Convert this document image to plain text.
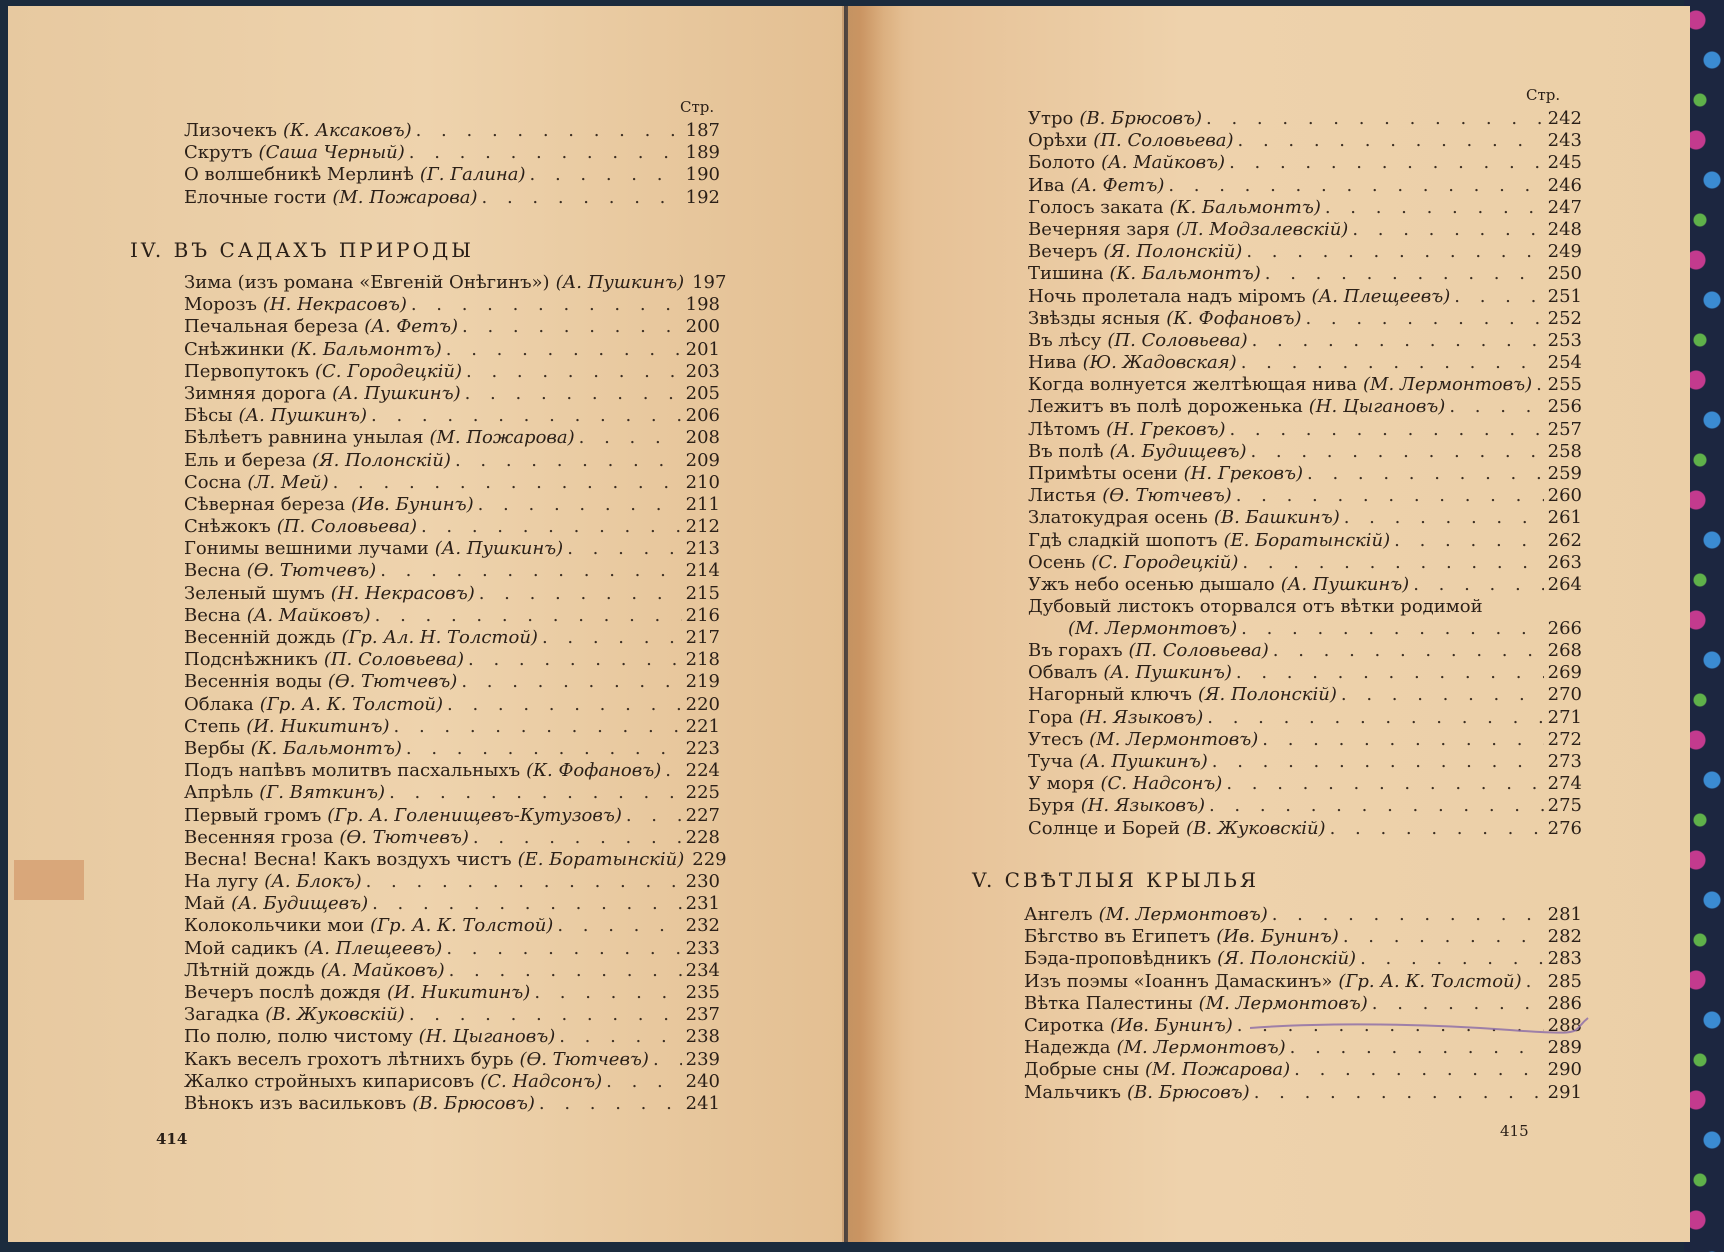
Стр.
Лизочекъ (К. Аксаковъ) . . .	187
Скрутъ (Саша Черный) . . .	189
О волшебникѣ Мерлинѣ (Г. Галина) . . .	190
Елочные гости (М. Пожарова) . . .	192
IV. ВЪ САДАХЪ ПРИРОДЫ
Зима (изъ романа «Евгеній Онѣгинъ») (А. Пушкинъ) 197
Морозъ (Н. Некрасовъ) . . .	198
Печальная береза (А. Фетъ) . . .	200
Снѣжинки (К. Бальмонтъ) . . .	201
Первопутокъ (С. Городецкій) . . .	203
Зимняя дорога (А. Пушкинъ) . . .	205
Бѣсы (А. Пушкинъ) . . .	206
Бѣлѣетъ равнина унылая (М. Пожарова) . . .	208
Ель и береза (Я. Полонскій) . . .	209
Сосна (Л. Мей) . . .	210
Сѣверная береза (Ив. Бунинъ) . . .	211
Снѣжокъ (П. Соловьева) . . .	212
Гонимы вешними лучами (А. Пушкинъ) . . .	213
Весна (Ѳ. Тютчевъ) . . .	214
Зеленый шумъ (Н. Некрасовъ) . . .	215
Весна (А. Майковъ) . . .	216
Весенній дождь (Гр. Ал. Н. Толстой) . . .	217
Подснѣжникъ (П. Соловьева) . . .	218
Весеннія воды (Ѳ. Тютчевъ) . . .	219
Облака (Гр. А. К. Толстой) . . .	220
Степь (И. Никитинъ) . . .	221
Вербы (К. Бальмонтъ) . . .	223
Подъ напѣвъ молитвъ пасхальныхъ (К. Фофановъ) . . . 224
Апрѣль (Г. Вяткинъ) . . .	225
Первый громъ (Гр. А. Голенищевъ-Кутузовъ) . . .	227
Весенняя гроза (Ѳ. Тютчевъ) . . .	228
Весна! Весна! Какъ воздухъ чистъ (Е. Боратынскій) 229
На лугу (А. Блокъ) . . .	230
Май (А. Будищевъ) . . .	231
Колокольчики мои (Гр. А. К. Толстой) . . .	232
Мой садикъ (А. Плещеевъ) . . .	233
Лѣтній дождь (А. Майковъ) . . .	234
Вечеръ послѣ дождя (И. Никитинъ) . . .	235
Загадка (В. Жуковскій) . . .	237
По полю, полю чистому (Н. Цыгановъ) . . .	238
Какъ веселъ грохотъ лѣтнихъ бурь (Ѳ. Тютчевъ) . . . 239
Жалко стройныхъ кипарисовъ (С. Надсонъ) . . .	240
Вѣнокъ изъ васильковъ (В. Брюсовъ) . . .	241
414
Стр.
Утро (В. Брюсовъ) . . .	242
Орѣхи (П. Соловьева) . . .	243
Болото (А. Майковъ) . . .	245
Ива (А. Фетъ) . . .	246
Голосъ заката (К. Бальмонтъ) . . .	247
Вечерняя заря (Л. Модзалевскій) . . .	248
Вечеръ (Я. Полонскій) . . .	249
Тишина (К. Бальмонтъ) . . .	250
Ночь пролетала надъ міромъ (А. Плещеевъ) . . .	251
Звѣзды ясныя (К. Фофановъ) . . .	252
Въ лѣсу (П. Соловьева) . . .	253
Нива (Ю. Жадовская) . . .	254
Когда волнуется желтѣющая нива (М. Лермонтовъ) . . . 255
Лежитъ въ полѣ дороженька (Н. Цыгановъ) . . .	256
Лѣтомъ (Н. Грековъ) . . .	257
Въ полѣ (А. Будищевъ) . . .	258
Примѣты осени (Н. Грековъ) . . .	259
Листья (Ѳ. Тютчевъ) . . .	260
Златокудрая осень (В. Башкинъ) . . .	261
Гдѣ сладкій шопотъ (Е. Боратынскій) . . .	262
Осень (С. Городецкій) . . .	263
Ужъ небо осенью дышало (А. Пушкинъ) . . .	264
Дубовый листокъ оторвался отъ вѣтки родимой
(М. Лермонтовъ) . . .	266
Въ горахъ (П. Соловьева) . . .	268
Обвалъ (А. Пушкинъ) . . .	269
Нагорный ключъ (Я. Полонскій) . . .	270
Гора (Н. Языковъ) . . .	271
Утесъ (М. Лермонтовъ) . . .	272
Туча (А. Пушкинъ) . . .	273
У моря (С. Надсонъ) . . .	274
Буря (Н. Языковъ) . . .	275
Солнце и Борей (В. Жуковскій) . . .	276
V. СВѢТЛЫЯ КРЫЛЬЯ
Ангелъ (М. Лермонтовъ) . . .	281
Бѣгство въ Египетъ (Ив. Бунинъ) . . .	282
Бэда-проповѣдникъ (Я. Полонскій) . . .	283
Изъ поэмы «Іоаннъ Дамаскинъ» (Гр. А. К. Толстой) . . . 285
Вѣтка Палестины (М. Лермонтовъ) . . .	286
Сиротка (Ив. Бунинъ) . . .	288
Надежда (М. Лермонтовъ) . . .	289
Добрые сны (М. Пожарова) . . .	290
Мальчикъ (В. Брюсовъ) . . .	291
415
